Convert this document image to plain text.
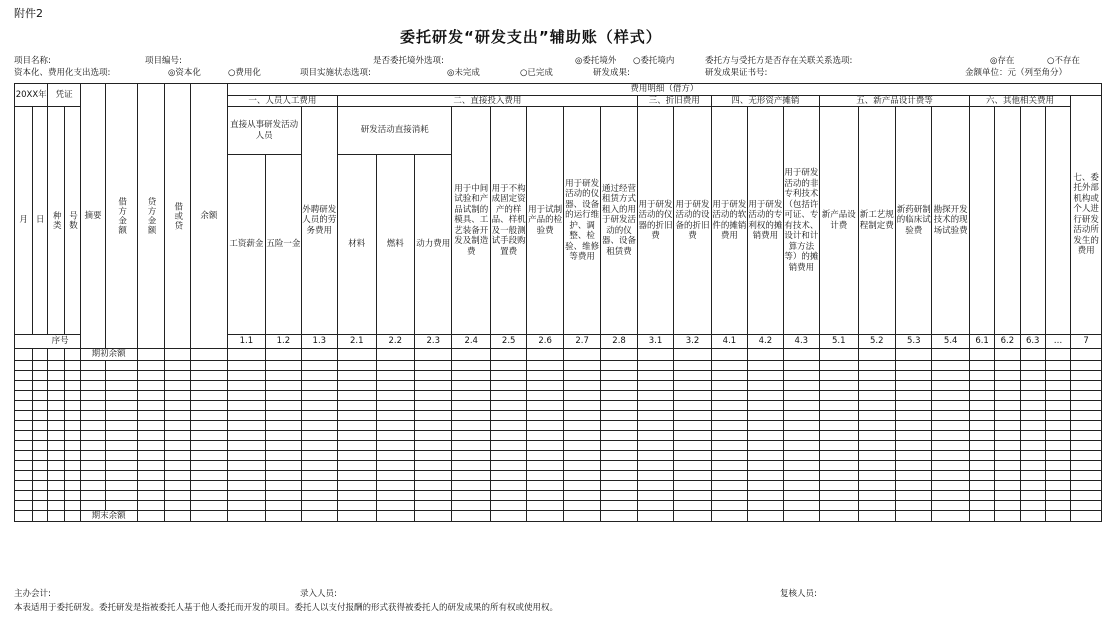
附件2
委托研发“研发支出”辅助账（样式）
项目名称:	项目编号:	是否委托境外选项:	◎委托境外 ○委托境内	委托方与受托方是否存在关联关系选项:	◎存在	○不存在
资本化、费用化支出选项:	◎资本化	○费用化	项目实施状态选项:	◎未完成	○已完成	研发成果:	研发成果证书号:	金额单位：元（列至角分）
20XX年		凭证		摘要	借方金额	贷方金额	借或贷	余额	费用明细（借方）																								
									一、人员人工费用			二、直接投入费用								三、折旧费用		四、无形资产摊销			五、新产品设计费等				六、其他相关费用				七、委托外部机构或个人进行研发活动所发生的费用
月	日	种类	号数						直接从事研发活动人员		外聘研发人员的劳务费用	研发活动直接消耗			用于中间试验和产品试制的模具、工艺装备开发及制造费	用于不构成固定资产的样品、样机及一般测试手段购置费	用于试制产品的检验费	用于研发活动的仪器、设备的运行维护、调整、检验、维修等费用	通过经营租赁方式租入的用于研发活动的仪器、设备租赁费	用于研发活动的仪器的折旧费	用于研发活动的设备的折旧费	用于研发活动的软件的摊销费用	用于研发活动的专利权的摊销费用	用于研发活动的非专利技术（包括许可证、专有技术、设计和计算方法等）的摊销费用	新产品设计费	新工艺规程制定费	新药研制的临床试验费	勘探开发技术的现场试验费					
									工资薪金	五险一金		材料	燃料	动力费用																			

序号									1.1	1.2	1.3	2.1	2.2	2.3	2.4	2.5	2.6	2.7	2.8	3.1	3.2	4.1	4.2	4.3	5.1	5.2	5.3	5.4	6.1	6.2	6.3	…	7
				期初余额																													

				期末余额																													
主办会计:	录入人员:	复核人员:
本表适用于委托研发。委托研发是指被委托人基于他人委托而开发的项目。委托人以支付报酬的形式获得被委托人的研发成果的所有权或使用权。
